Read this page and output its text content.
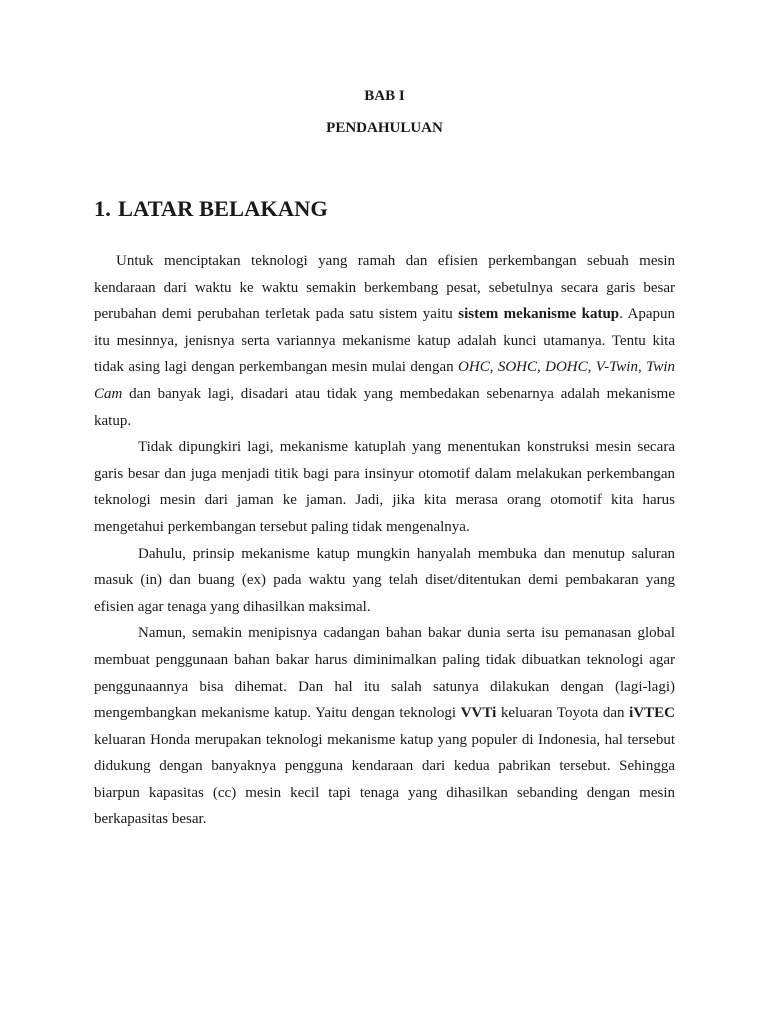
BAB I

PENDAHULUAN

1. LATAR BELAKANG

Untuk menciptakan teknologi yang ramah dan efisien perkembangan sebuah mesin kendaraan dari waktu ke waktu semakin berkembang pesat, sebetulnya secara garis besar perubahan demi perubahan terletak pada satu sistem yaitu sistem mekanisme katup. Apapun itu mesinnya, jenisnya serta variannya mekanisme katup adalah kunci utamanya. Tentu kita tidak asing lagi dengan perkembangan mesin mulai dengan OHC, SOHC, DOHC, V-Twin, Twin Cam dan banyak lagi, disadari atau tidak yang membedakan sebenarnya adalah mekanisme katup.

Tidak dipungkiri lagi, mekanisme katuplah yang menentukan konstruksi mesin secara garis besar dan juga menjadi titik bagi para insinyur otomotif dalam melakukan perkembangan teknologi mesin dari jaman ke jaman. Jadi, jika kita merasa orang otomotif kita harus mengetahui perkembangan tersebut paling tidak mengenalnya.

Dahulu, prinsip mekanisme katup mungkin hanyalah membuka dan menutup saluran masuk (in) dan buang (ex) pada waktu yang telah diset/ditentukan demi pembakaran yang efisien agar tenaga yang dihasilkan maksimal.

Namun, semakin menipisnya cadangan bahan bakar dunia serta isu pemanasan global membuat penggunaan bahan bakar harus diminimalkan paling tidak dibuatkan teknologi agar penggunaannya bisa dihemat. Dan hal itu salah satunya dilakukan dengan (lagi-lagi) mengembangkan mekanisme katup. Yaitu dengan teknologi VVTi keluaran Toyota dan iVTEC keluaran Honda merupakan teknologi mekanisme katup yang populer di Indonesia, hal tersebut didukung dengan banyaknya pengguna kendaraan dari kedua pabrikan tersebut. Sehingga biarpun kapasitas (cc) mesin kecil tapi tenaga yang dihasilkan sebanding dengan mesin berkapasitas besar.
